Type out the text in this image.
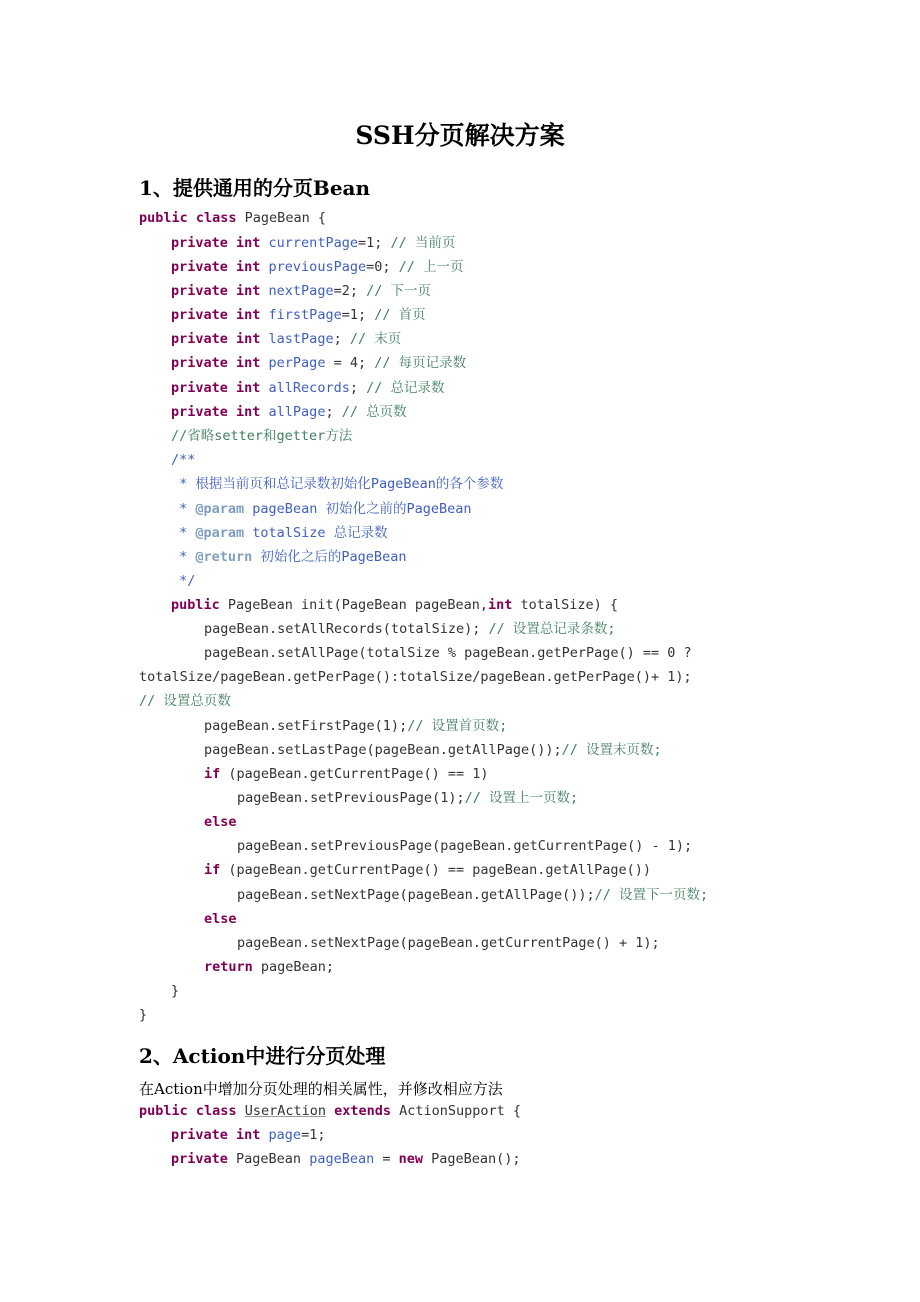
SSH分页解决方案
1、提供通用的分页Bean
public class PageBean {
private int currentPage=1; // 当前页
private int previousPage=0; // 上一页
private int nextPage=2; // 下一页
private int firstPage=1; // 首页
private int lastPage; // 末页
private int perPage = 4; // 每页记录数
private int allRecords; // 总记录数
private int allPage; // 总页数
//省略setter和getter方法
/**
* 根据当前页和总记录数初始化PageBean的各个参数
* @param pageBean 初始化之前的PageBean
* @param totalSize 总记录数
* @return 初始化之后的PageBean
*/
public PageBean init(PageBean pageBean,int totalSize) {
pageBean.setAllRecords(totalSize); // 设置总记录条数;
pageBean.setAllPage(totalSize % pageBean.getPerPage() == 0 ?
totalSize/pageBean.getPerPage():totalSize/pageBean.getPerPage()+ 1);
// 设置总页数
pageBean.setFirstPage(1);// 设置首页数;
pageBean.setLastPage(pageBean.getAllPage());// 设置末页数;
if (pageBean.getCurrentPage() == 1)
pageBean.setPreviousPage(1);// 设置上一页数;
else
pageBean.setPreviousPage(pageBean.getCurrentPage() - 1);
if (pageBean.getCurrentPage() == pageBean.getAllPage())
pageBean.setNextPage(pageBean.getAllPage());// 设置下一页数;
else
pageBean.setNextPage(pageBean.getCurrentPage() + 1);
return pageBean;
}
}
2、Action中进行分页处理

在Action中增加分页处理的相关属性，并修改相应方法

public class UserAction extends ActionSupport {
private int page=1;
private PageBean pageBean = new PageBean();
